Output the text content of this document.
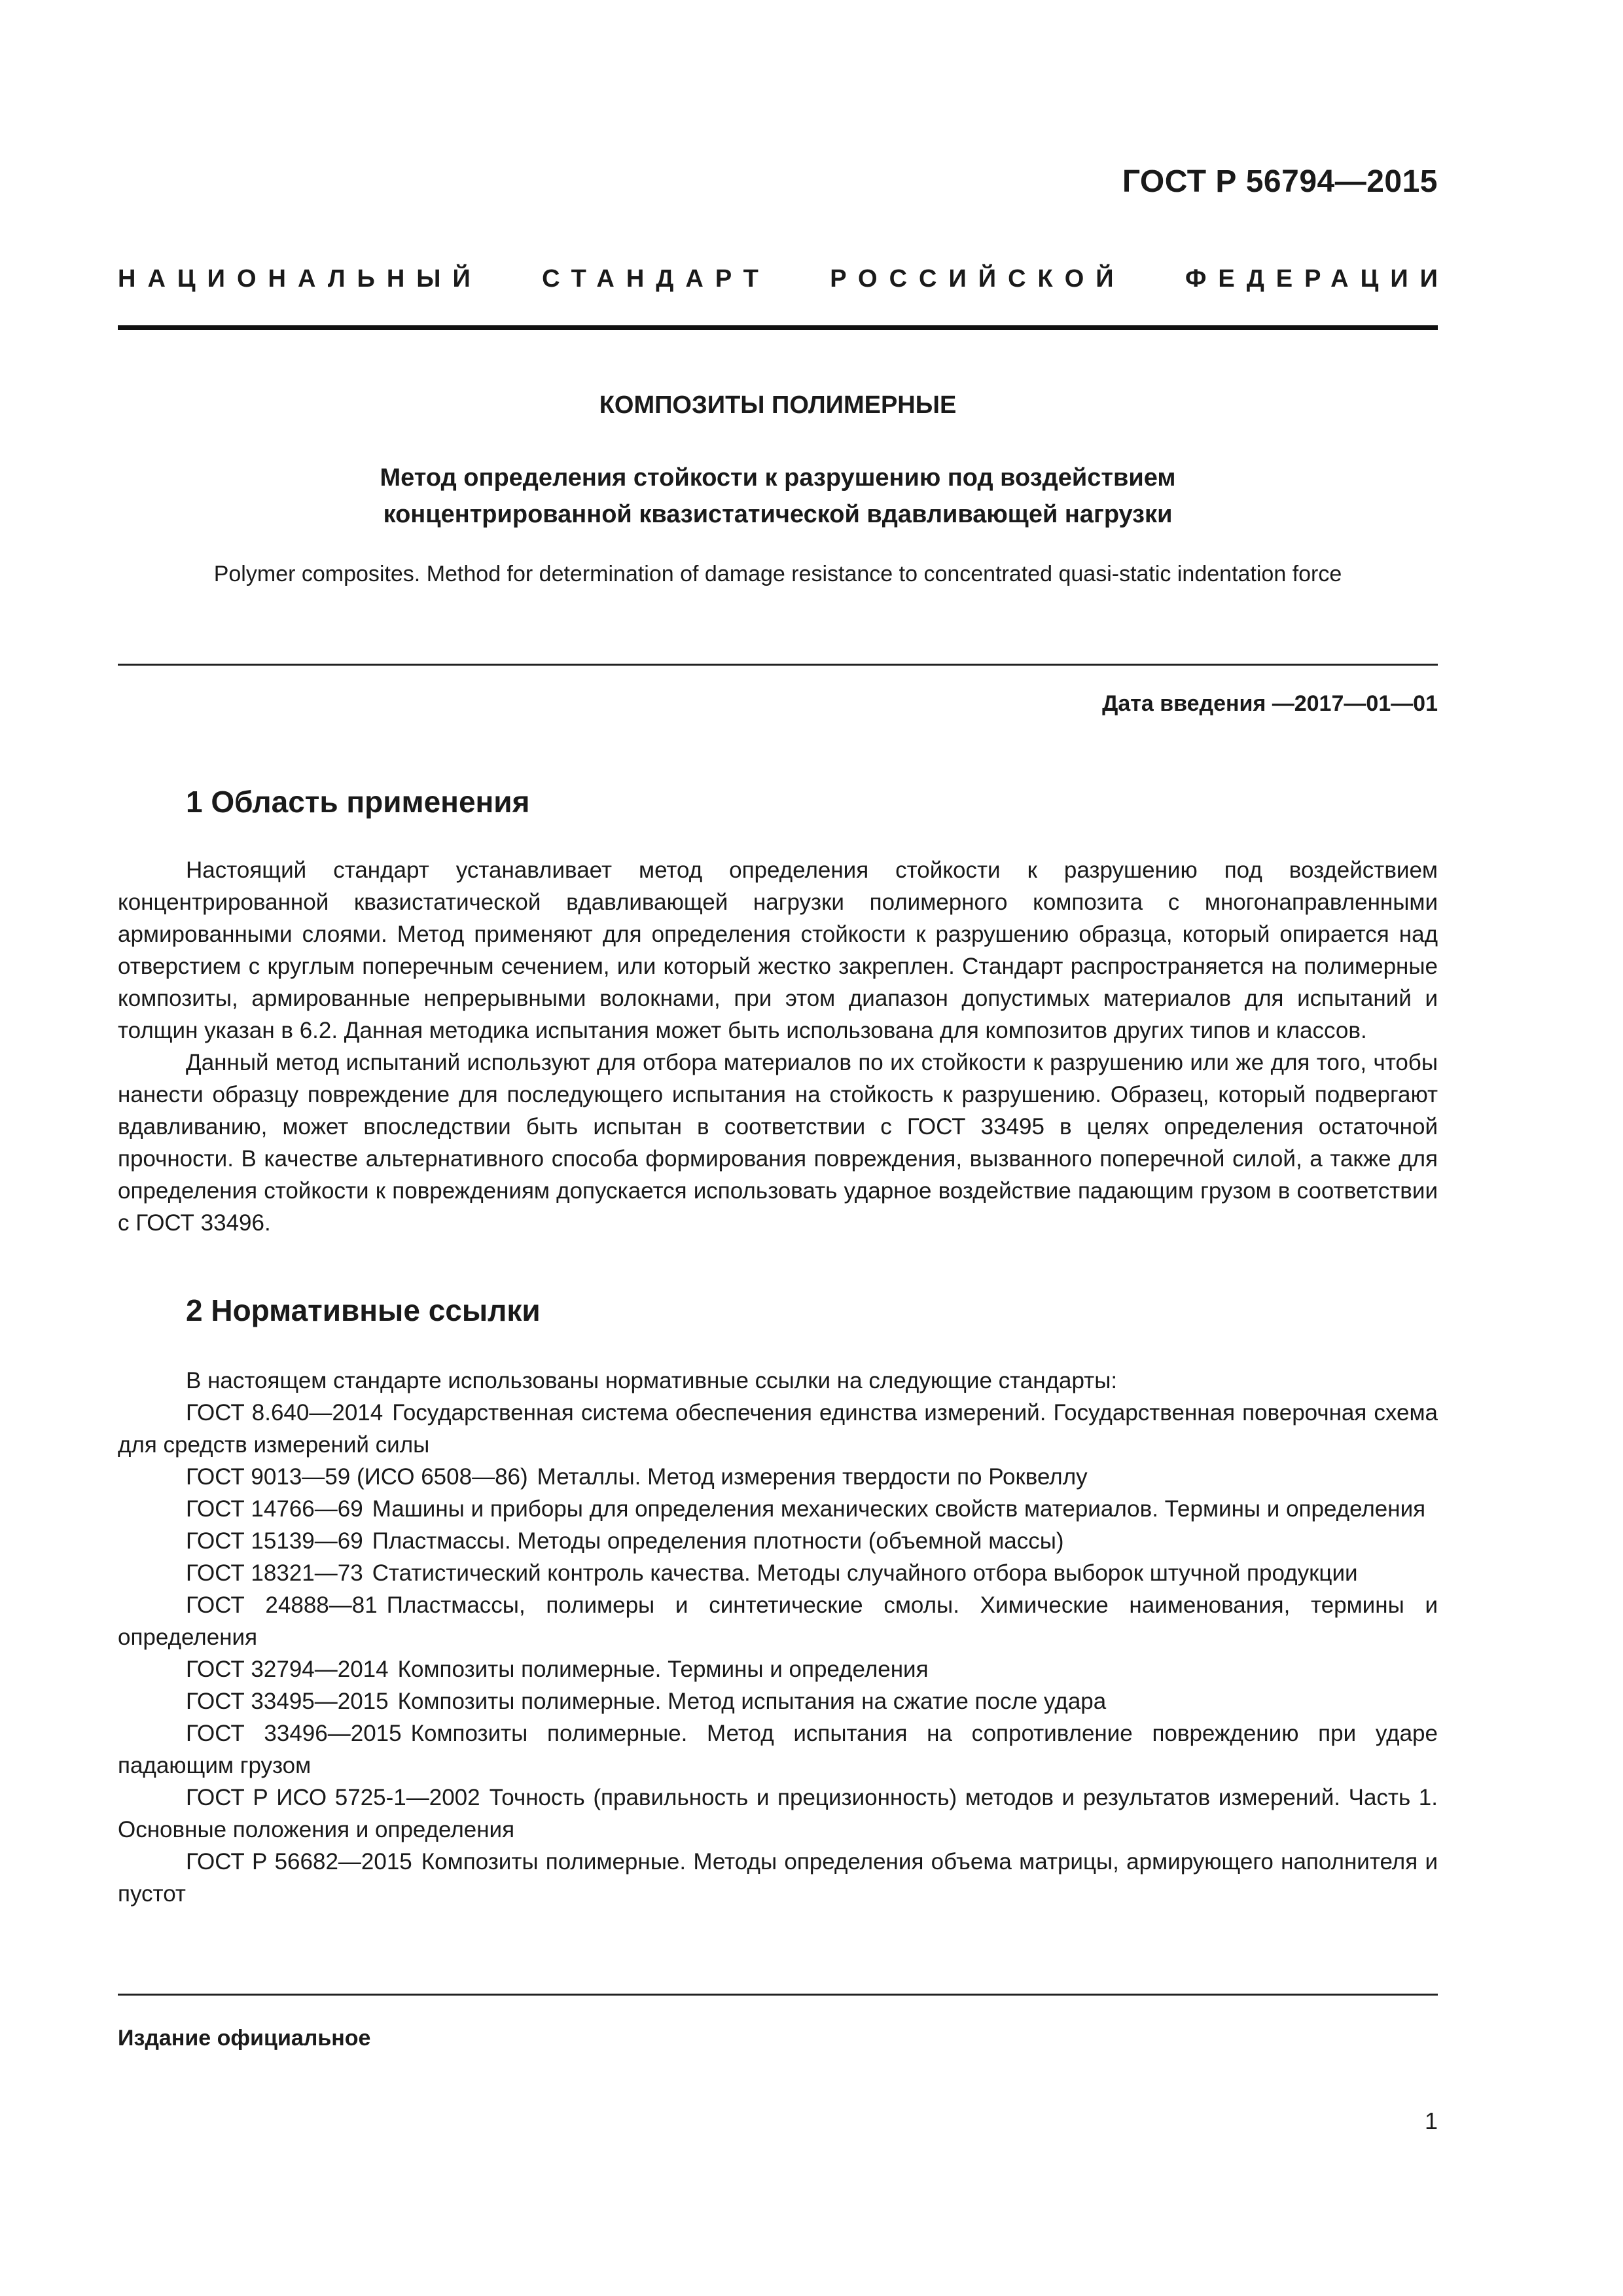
ГОСТ Р 56794—2015
НАЦИОНАЛЬНЫЙ СТАНДАРТ РОССИЙСКОЙ ФЕДЕРАЦИИ
КОМПОЗИТЫ ПОЛИМЕРНЫЕ
Метод определения стойкости к разрушению под воздействием
концентрированной квазистатической вдавливающей нагрузки
Polymer composites. Method for determination of damage resistance to concentrated quasi-static indentation force
Дата введения —2017—01—01
1 Область применения

Настоящий стандарт устанавливает метод определения стойкости к разрушению под воздействием концентрированной квазистатической вдавливающей нагрузки полимерного композита с многонаправленными армированными слоями. Метод применяют для определения стойкости к разрушению образца, который опирается над отверстием с круглым поперечным сечением, или который жестко закреплен. Стандарт распространяется на полимерные композиты, армированные непрерывными волокнами, при этом диапазон допустимых материалов для испытаний и толщин указан в 6.2. Данная методика испытания может быть использована для композитов других типов и классов.

Данный метод испытаний используют для отбора материалов по их стойкости к разрушению или же для того, чтобы нанести образцу повреждение для последующего испытания на стойкость к разрушению. Образец, который подвергают вдавливанию, может впоследствии быть испытан в соответствии с ГОСТ 33495 в целях определения остаточной прочности. В качестве альтернативного способа формирования повреждения, вызванного поперечной силой, а также для определения стойкости к повреждениям допускается использовать ударное воздействие падающим грузом в соответствии с ГОСТ 33496.

2 Нормативные ссылки

В настоящем стандарте использованы нормативные ссылки на следующие стандарты:

ГОСТ 8.640—2014 Государственная система обеспечения единства измерений. Государственная поверочная схема для средств измерений силы

ГОСТ 9013—59 (ИСО 6508—86) Металлы. Метод измерения твердости по Роквеллу

ГОСТ 14766—69 Машины и приборы для определения механических свойств материалов. Термины и определения

ГОСТ 15139—69 Пластмассы. Методы определения плотности (объемной массы)

ГОСТ 18321—73 Статистический контроль качества. Методы случайного отбора выборок штучной продукции

ГОСТ 24888—81 Пластмассы, полимеры и синтетические смолы. Химические наименования, термины и определения

ГОСТ 32794—2014 Композиты полимерные. Термины и определения

ГОСТ 33495—2015 Композиты полимерные. Метод испытания на сжатие после удара

ГОСТ 33496—2015 Композиты полимерные. Метод испытания на сопротивление повреждению при ударе падающим грузом

ГОСТ Р ИСО 5725-1—2002 Точность (правильность и прецизионность) методов и результатов измерений. Часть 1. Основные положения и определения

ГОСТ Р 56682—2015 Композиты полимерные. Методы определения объема матрицы, армирующего наполнителя и пустот

Издание официальное
1
